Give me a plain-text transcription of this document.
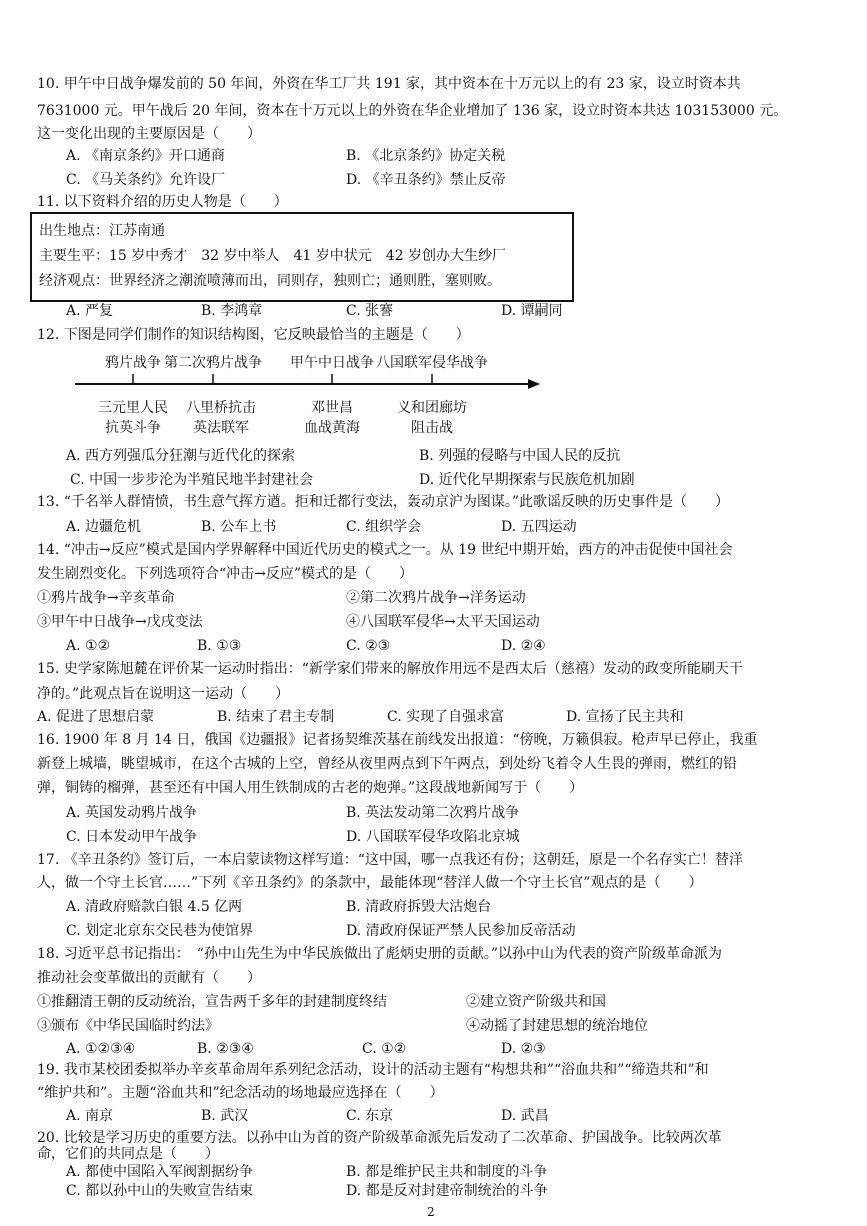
10. 甲午中日战争爆发前的 50 年间，外资在华工厂共 191 家，其中资本在十万元以上的有 23 家，设立时资本共
7631000 元。甲午战后 20 年间，资本在十万元以上的外资在华企业增加了 136 家，设立时资本共达 103153000 元。
这一变化出现的主要原因是（　　）
A. 《南京条约》开口通商	B. 《北京条约》协定关税
C. 《马关条约》允许设厂	D. 《辛丑条约》禁止反帝
11. 以下资料介绍的历史人物是（　　）
出生地点：江苏南通
主要生平：15 岁中秀才　32 岁中举人　41 岁中状元　42 岁创办大生纱厂
经济观点：世界经济之潮流喷薄而出，同则存，独则亡；通则胜，塞则败。
A. 严复	B. 李鸿章	C. 张謇	D. 谭嗣同
12. 下图是同学们制作的知识结构图，它反映最恰当的主题是（　　）
鸦片战争 第二次鸦片战争 甲午中日战争 八国联军侵华战争
三元里人民
抗英斗争
八里桥抗击
英法联军
邓世昌
血战黄海
义和团廊坊
阻击战
A. 西方列强瓜分狂潮与近代化的探索	B. 列强的侵略与中国人民的反抗
C. 中国一步步沦为半殖民地半封建社会	D. 近代化早期探索与民族危机加剧
13. “千名举人群情愤，书生意气挥方遒。拒和迁都行变法，轰动京沪为图谋。”此歌谣反映的历史事件是（　　）
A. 边疆危机	B. 公车上书	C. 组织学会	D. 五四运动
14. “冲击→反应”模式是国内学界解释中国近代历史的模式之一。从 19 世纪中期开始，西方的冲击促使中国社会
发生剧烈变化。下列选项符合“冲击→反应”模式的是（　　）
①鸦片战争→辛亥革命	②第二次鸦片战争→洋务运动
③甲午中日战争→戊戌变法	④八国联军侵华→太平天国运动
A. ①②	B. ①③	C. ②③	D. ②④
15. 史学家陈旭麓在评价某一运动时指出：“新学家们带来的解放作用远不是西太后（慈禧）发动的政变所能刷天干
净的。”此观点旨在说明这一运动（　　）
A. 促进了思想启蒙	B. 结束了君主专制	C. 实现了自强求富	D. 宣扬了民主共和
16. 1900 年 8 月 14 日，俄国《边疆报》记者扬契维茨基在前线发出报道：“傍晚，万籁俱寂。枪声早已停止，我重
新登上城墙，眺望城市，在这个古城的上空，曾经从夜里两点到下午两点，到处纷飞着令人生畏的弹雨，燃红的铅
弹，铜铸的榴弹，甚至还有中国人用生铁制成的古老的炮弹。”这段战地新闻写于（　　）
A. 英国发动鸦片战争	B. 英法发动第二次鸦片战争
C. 日本发动甲午战争	D. 八国联军侵华攻陷北京城
17. 《辛丑条约》签订后，一本启蒙读物这样写道：“这中国，哪一点我还有份；这朝廷，原是一个名存实亡！替洋
人，做一个守土长官……”下列《辛丑条约》的条款中，最能体现“替洋人做一个守土长官”观点的是（　　）
A. 清政府赔款白银 4.5 亿两	B. 清政府拆毁大沽炮台
C. 划定北京东交民巷为使馆界	D. 清政府保证严禁人民参加反帝活动
18. 习近平总书记指出：　“孙中山先生为中华民族做出了彪炳史册的贡献。”以孙中山为代表的资产阶级革命派为
推动社会变革做出的贡献有（　　）
①推翻清王朝的反动统治，宣告两千多年的封建制度终结	②建立资产阶级共和国
③颁布《中华民国临时约法》	④动摇了封建思想的统治地位
A. ①②③④	B. ②③④	C. ①②	D. ②③
19. 我市某校团委拟举办辛亥革命周年系列纪念活动，设计的活动主题有“构想共和”“浴血共和”“缔造共和”和
“维护共和”。主题“浴血共和”纪念活动的场地最应选择在（　　）
A. 南京	B. 武汉	C. 东京	D. 武昌
20. 比较是学习历史的重要方法。以孙中山为首的资产阶级革命派先后发动了二次革命、护国战争。比较两次革
命，它们的共同点是（　　）
A. 都使中国陷入军阀割据纷争	B. 都是维护民主共和制度的斗争
C. 都以孙中山的失败宣告结束	D. 都是反对封建帝制统治的斗争
2
